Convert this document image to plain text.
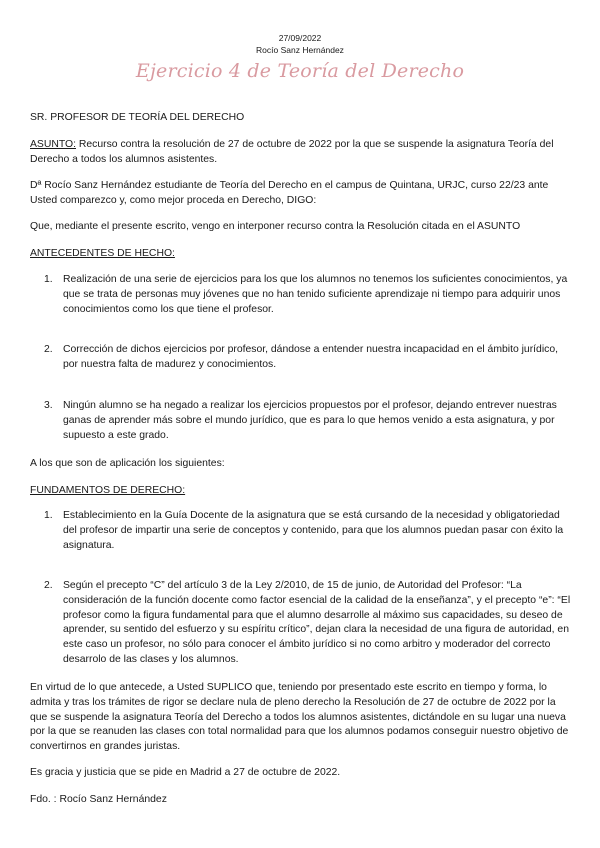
27/09/2022
Rocío Sanz Hernández
Ejercicio 4 de Teoría del Derecho
SR. PROFESOR DE TEORÍA DEL DERECHO
ASUNTO: Recurso contra la resolución de 27 de octubre de 2022 por la que se suspende la asignatura Teoría del Derecho a todos los alumnos asistentes.
Dª Rocío Sanz Hernández estudiante de Teoría del Derecho en el campus de Quintana, URJC, curso 22/23 ante Usted comparezco y, como mejor proceda en Derecho, DIGO:
Que, mediante el presente escrito, vengo en interponer recurso contra la Resolución citada en el ASUNTO
ANTECEDENTES DE HECHO:
1. Realización de una serie de ejercicios para los que los alumnos no tenemos los suficientes conocimientos, ya que se trata de personas muy jóvenes que no han tenido suficiente aprendizaje ni tiempo para adquirir unos conocimientos como los que tiene el profesor.
2. Corrección de dichos ejercicios por profesor, dándose a entender nuestra incapacidad en el ámbito jurídico, por nuestra falta de madurez y conocimientos.
3. Ningún alumno se ha negado a realizar los ejercicios propuestos por el profesor, dejando entrever nuestras ganas de aprender más sobre el mundo jurídico, que es para lo que hemos venido a esta asignatura, y por supuesto a este grado.
A los que son de aplicación los siguientes:
FUNDAMENTOS DE DERECHO:
1. Establecimiento en la Guía Docente de la asignatura que se está cursando de la necesidad y obligatoriedad del profesor de impartir una serie de conceptos y contenido, para que los alumnos puedan pasar con éxito la asignatura.
2. Según el precepto “C” del artículo 3 de la Ley 2/2010, de 15 de junio, de Autoridad del Profesor: “La consideración de la función docente como factor esencial de la calidad de la enseñanza”, y el precepto “e”: “El profesor como la figura fundamental para que el alumno desarrolle al máximo sus capacidades, su deseo de aprender, su sentido del esfuerzo y su espíritu crítico”, dejan clara la necesidad de una figura de autoridad, en este caso un profesor, no sólo para conocer el ámbito jurídico si no como arbitro y moderador del correcto desarrolo de las clases y los alumnos.
En virtud de lo que antecede, a Usted SUPLICO que, teniendo por presentado este escrito en tiempo y forma, lo admita y tras los trámites de rigor se declare nula de pleno derecho la Resolución de 27 de octubre de 2022 por la que se suspende la asignatura Teoría del Derecho a todos los alumnos asistentes, dictándole en su lugar una nueva por la que se reanuden las clases con total normalidad para que los alumnos podamos conseguir nuestro objetivo de convertirnos en grandes juristas.
Es gracia y justicia que se pide en Madrid a 27 de octubre de 2022.
Fdo. : Rocío Sanz Hernández
